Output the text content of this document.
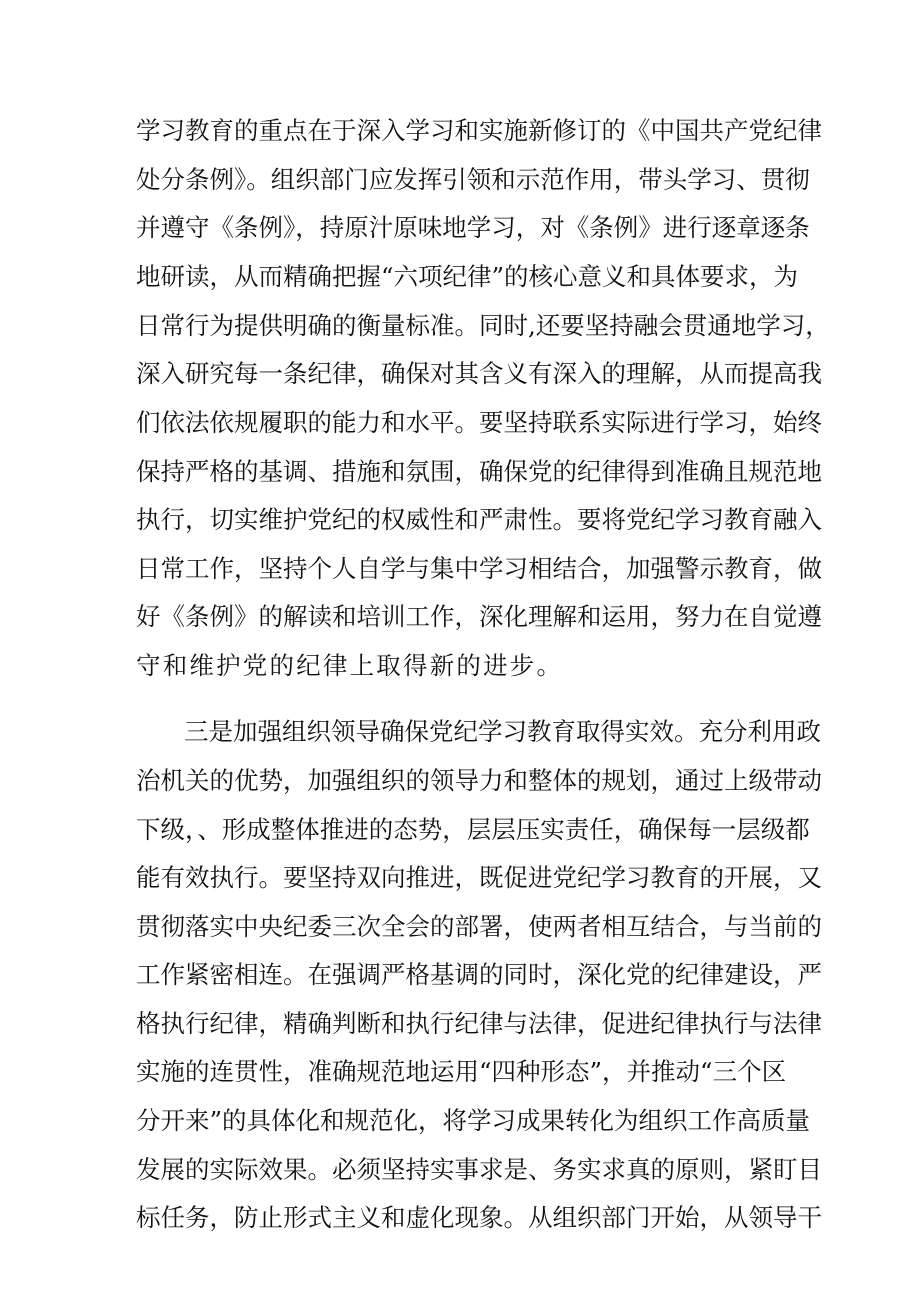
学习教育的重点在于深入学习和实施新修订的《中国共产党纪律
处分条例》。组织部门应发挥引领和示范作用，带头学习、贯彻
并遵守《条例》，持原汁原味地学习，对《条例》进行逐章逐条
地研读，从而精确把握“六项纪律”的核心意义和具体要求，为
日常行为提供明确的衡量标准。同时,还要坚持融会贯通地学习，
深入研究每一条纪律，确保对其含义有深入的理解，从而提高我
们依法依规履职的能力和水平。要坚持联系实际进行学习，始终
保持严格的基调、措施和氛围，确保党的纪律得到准确且规范地
执行，切实维护党纪的权威性和严肃性。要将党纪学习教育融入
日常工作，坚持个人自学与集中学习相结合，加强警示教育，做
好《条例》的解读和培训工作，深化理解和运用，努力在自觉遵
守和维护党的纪律上取得新的进步。
三是加强组织领导确保党纪学习教育取得实效。充分利用政
治机关的优势，加强组织的领导力和整体的规划，通过上级带动
下级，、形成整体推进的态势，层层压实责任，确保每一层级都
能有效执行。要坚持双向推进，既促进党纪学习教育的开展，又
贯彻落实中央纪委三次全会的部署，使两者相互结合，与当前的
工作紧密相连。在强调严格基调的同时，深化党的纪律建设，严
格执行纪律，精确判断和执行纪律与法律，促进纪律执行与法律
实施的连贯性，准确规范地运用“四种形态”，并推动“三个区
分开来”的具体化和规范化，将学习成果转化为组织工作高质量
发展的实际效果。必须坚持实事求是、务实求真的原则，紧盯目
标任务，防止形式主义和虚化现象。从组织部门开始，从领导干
